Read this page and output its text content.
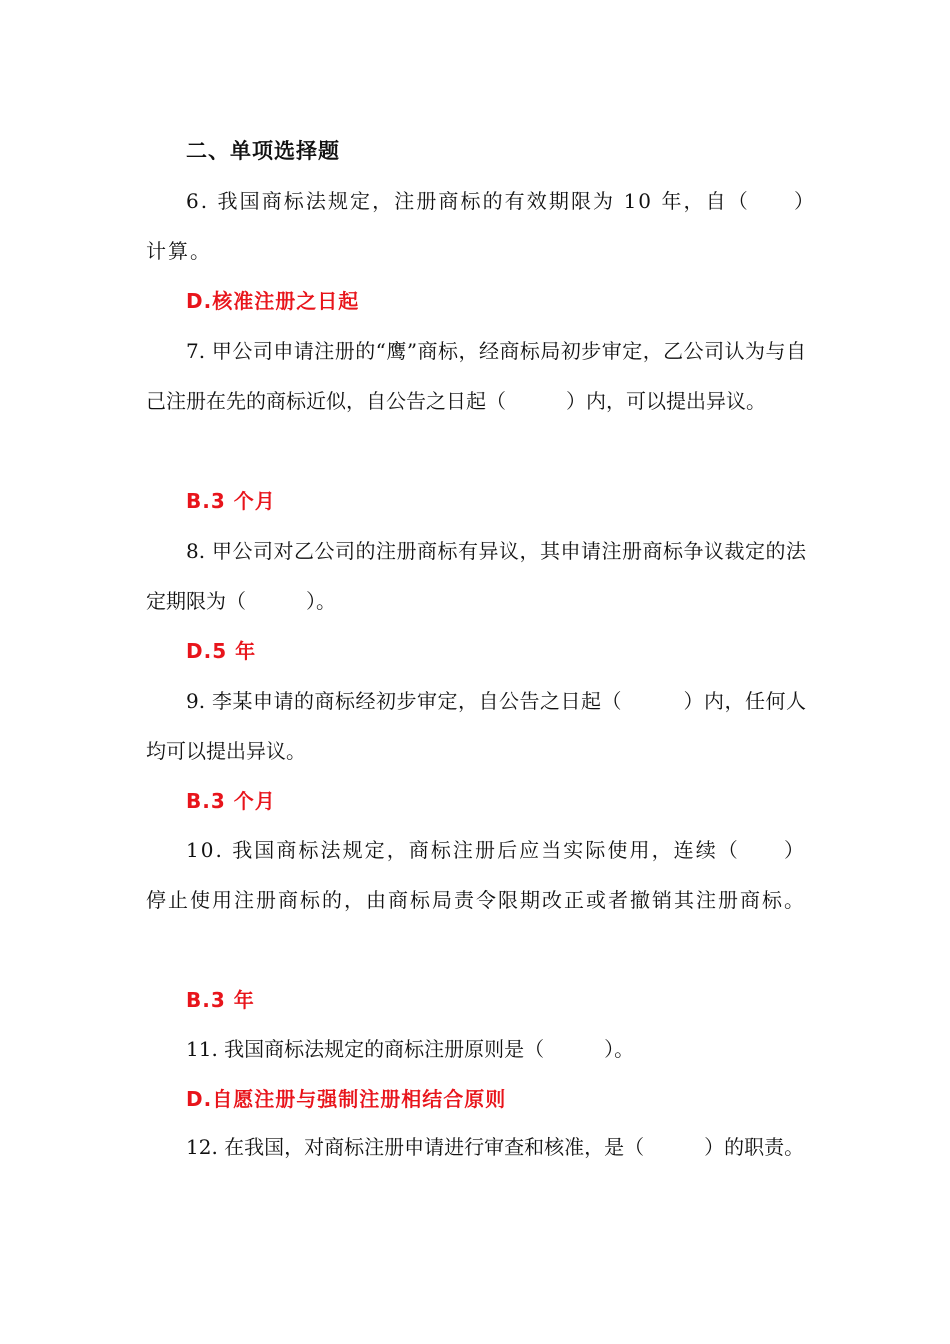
二、单项选择题

6. 我国商标法规定，注册商标的有效期限为 10 年，自（　　）计算。

D.核准注册之日起

7. 甲公司申请注册的“鹰”商标，经商标局初步审定，乙公司认为与自己注册在先的商标近似，自公告之日起（　　　）内，可以提出异议。

B.3 个月

8. 甲公司对乙公司的注册商标有异议，其申请注册商标争议裁定的法定期限为（　　　）。

D.5 年

9. 李某申请的商标经初步审定，自公告之日起（　　　）内，任何人均可以提出异议。

B.3 个月

10. 我国商标法规定，商标注册后应当实际使用，连续（　　）停止使用注册商标的，由商标局责令限期改正或者撤销其注册商标。

B.3 年

11. 我国商标法规定的商标注册原则是（　　　）。

D.自愿注册与强制注册相结合原则

12. 在我国，对商标注册申请进行审查和核准，是（　　　）的职责。
